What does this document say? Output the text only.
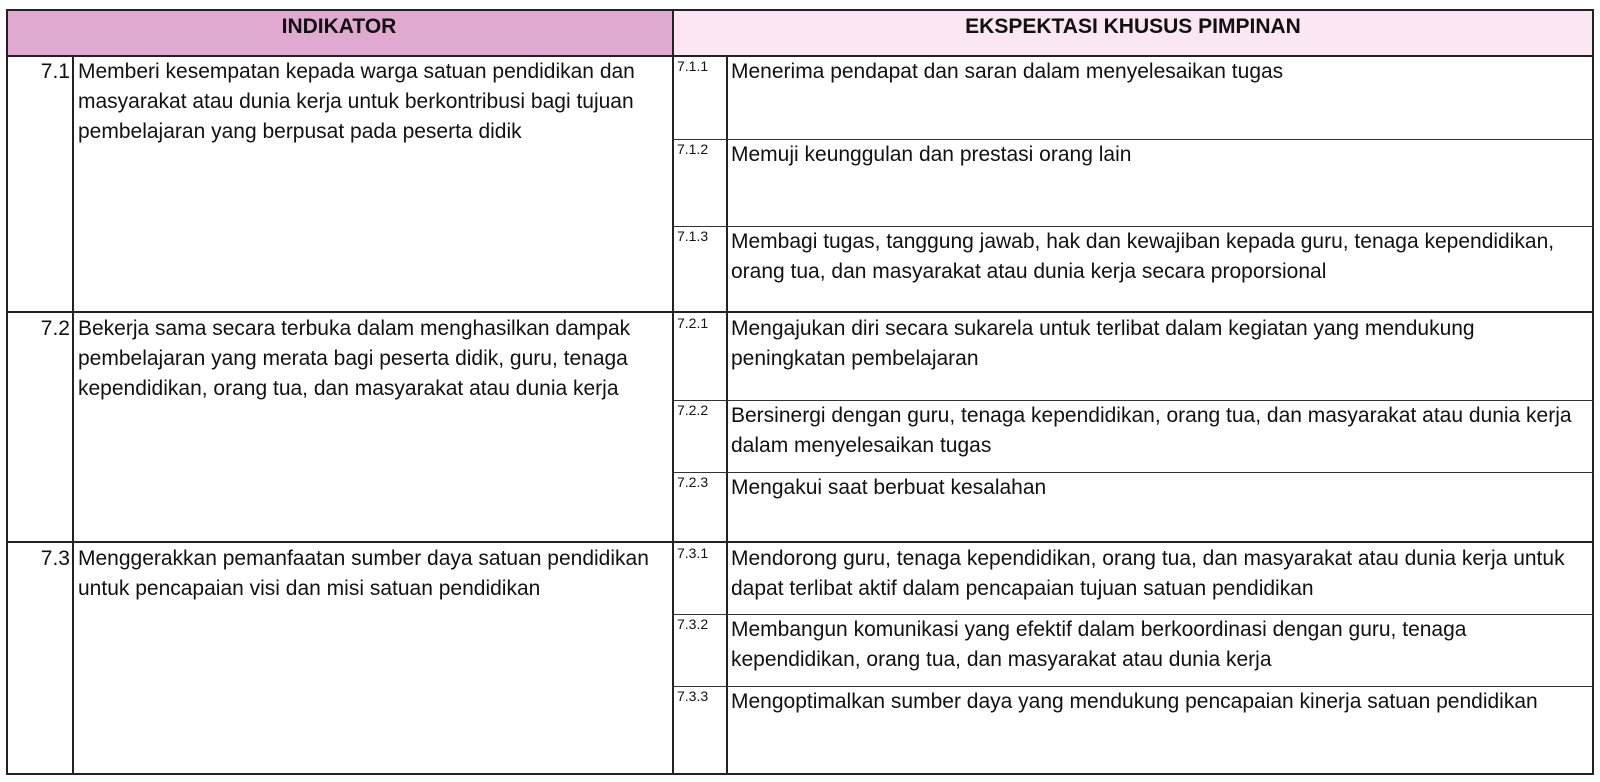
INDIKATOR	EKSPEKTASI KHUSUS PIMPINAN
7.1 Memberi kesempatan kepada warga satuan pendidikan dan masyarakat atau dunia kerja untuk berkontribusi bagi tujuan pembelajaran yang berpusat pada peserta didik
7.1.1	Menerima pendapat dan saran dalam menyelesaikan tugas
7.1.2	Memuji keunggulan dan prestasi orang lain
7.1.3	Membagi tugas, tanggung jawab, hak dan kewajiban kepada guru, tenaga kependidikan, orang tua, dan masyarakat atau dunia kerja secara proporsional
7.2 Bekerja sama secara terbuka dalam menghasilkan dampak pembelajaran yang merata bagi peserta didik, guru, tenaga kependidikan, orang tua, dan masyarakat atau dunia kerja
7.2.1	Mengajukan diri secara sukarela untuk terlibat dalam kegiatan yang mendukung peningkatan pembelajaran
7.2.2	Bersinergi dengan guru, tenaga kependidikan, orang tua, dan masyarakat atau dunia kerja dalam menyelesaikan tugas
7.2.3	Mengakui saat berbuat kesalahan
7.3 Menggerakkan pemanfaatan sumber daya satuan pendidikan untuk pencapaian visi dan misi satuan pendidikan
7.3.1	Mendorong guru, tenaga kependidikan, orang tua, dan masyarakat atau dunia kerja untuk dapat terlibat aktif dalam pencapaian tujuan satuan pendidikan
7.3.2	Membangun komunikasi yang efektif dalam berkoordinasi dengan guru, tenaga kependidikan, orang tua, dan masyarakat atau dunia kerja
7.3.3	Mengoptimalkan sumber daya yang mendukung pencapaian kinerja satuan pendidikan
